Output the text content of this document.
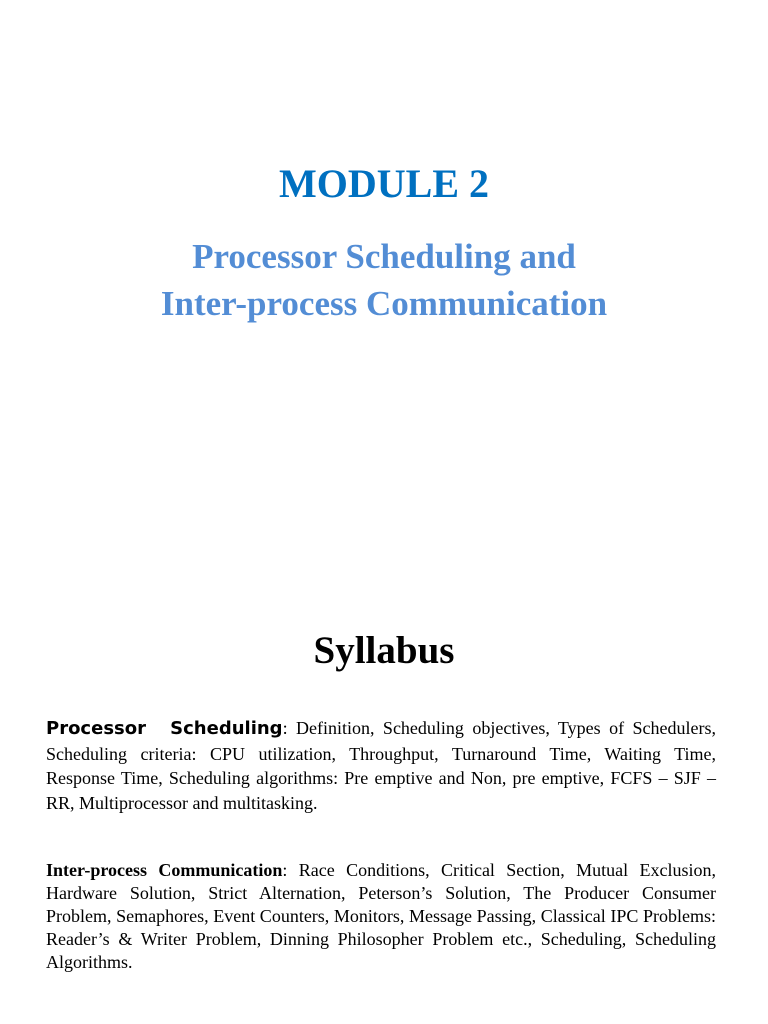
MODULE 2
Processor Scheduling and
Inter-process Communication
Syllabus

Processor Scheduling: Definition, Scheduling objectives, Types of Schedulers, Scheduling criteria: CPU utilization, Throughput, Turnaround Time, Waiting Time, Response Time, Scheduling algorithms: Pre emptive and Non, pre emptive, FCFS – SJF – RR, Multiprocessor and multitasking.

Inter-process Communication: Race Conditions, Critical Section, Mutual Exclusion, Hardware Solution, Strict Alternation, Peterson’s Solution, The Producer Consumer Problem, Semaphores, Event Counters, Monitors, Message Passing, Classical IPC Problems: Reader’s & Writer Problem, Dinning Philosopher Problem etc., Scheduling, Scheduling Algorithms.
